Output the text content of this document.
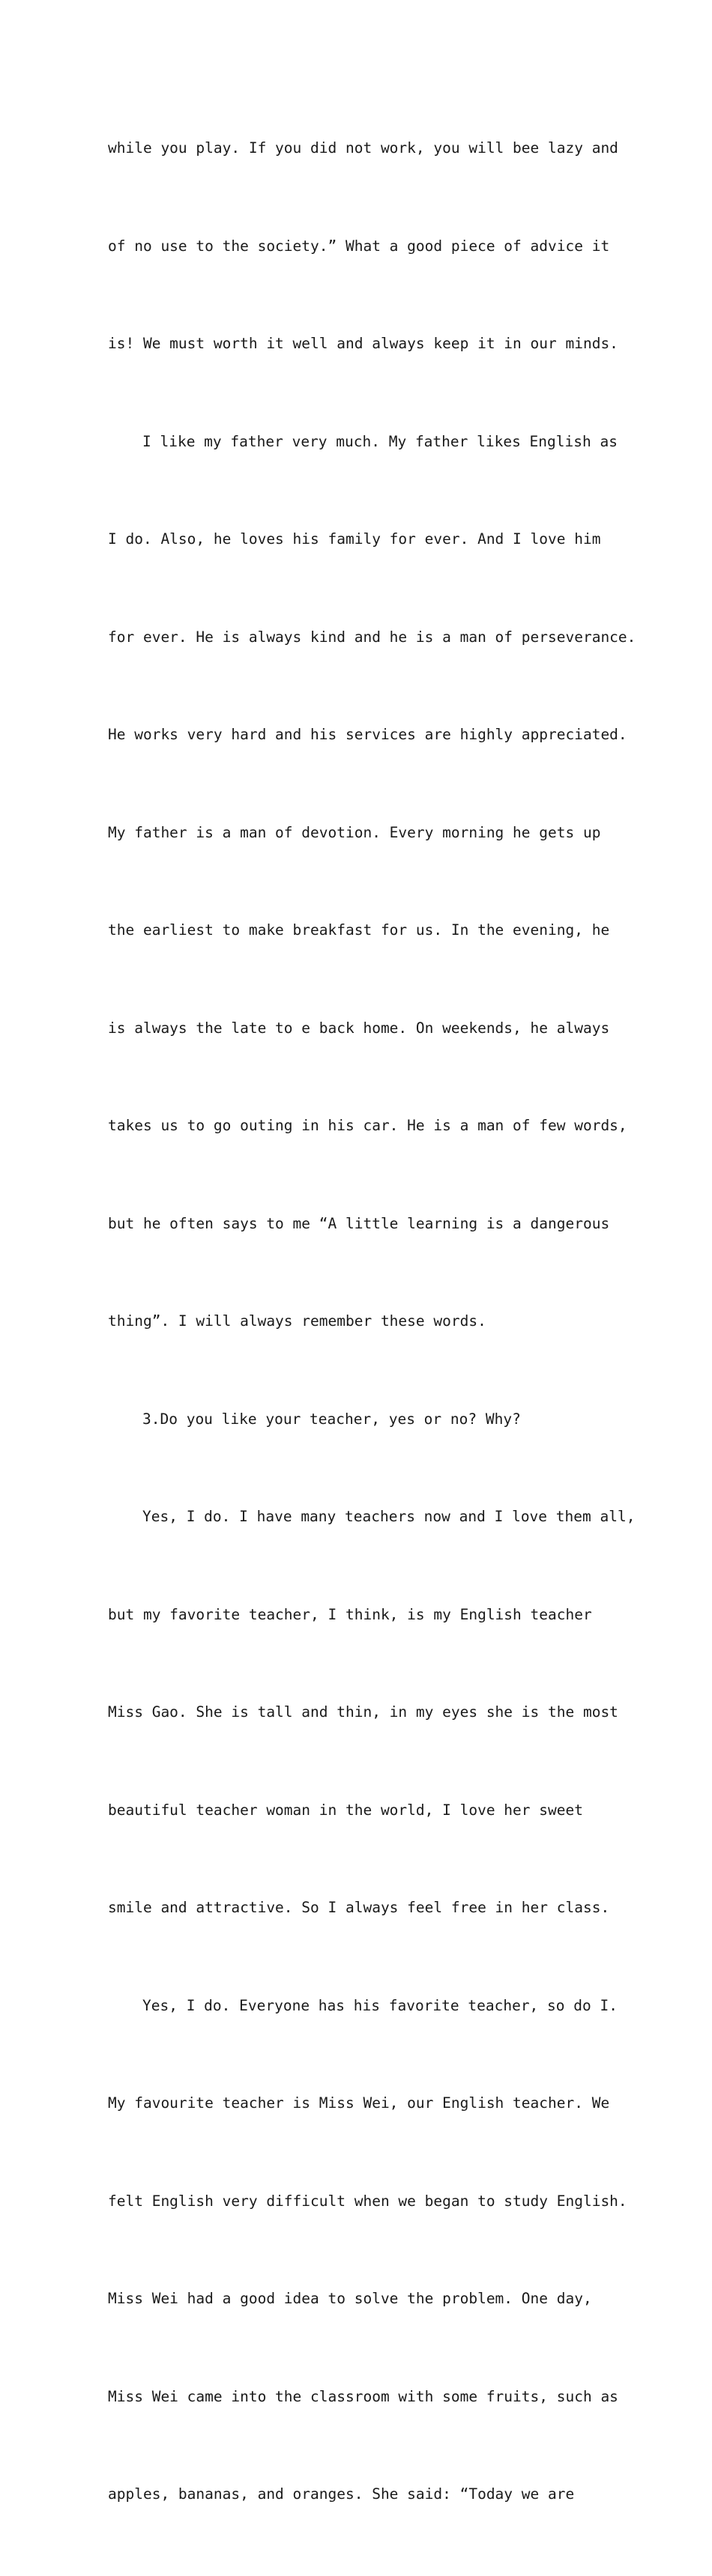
while you play. If you did not work, you will bee lazy and

of no use to the society.” What a good piece of advice it

is! We must worth it well and always keep it in our minds.

I like my father very much. My father likes English as

I do. Also, he loves his family for ever. And I love him

for ever. He is always kind and he is a man of perseverance.

He works very hard and his services are highly appreciated.

My father is a man of devotion. Every morning he gets up

the earliest to make breakfast for us. In the evening, he

is always the late to e back home. On weekends, he always

takes us to go outing in his car. He is a man of few words,

but he often says to me “A little learning is a dangerous

thing”. I will always remember these words.

3.Do you like your teacher, yes or no? Why?

Yes, I do. I have many teachers now and I love them all,

but my favorite teacher, I think, is my English teacher

Miss Gao. She is tall and thin, in my eyes she is the most

beautiful teacher woman in the world, I love her sweet

smile and attractive. So I always feel free in her class.

Yes, I do. Everyone has his favorite teacher, so do I.

My favourite teacher is Miss Wei, our English teacher. We

felt English very difficult when we began to study English.

Miss Wei had a good idea to solve the problem. One day,

Miss Wei came into the classroom with some fruits, such as

apples, bananas, and oranges. She said: “Today we are
